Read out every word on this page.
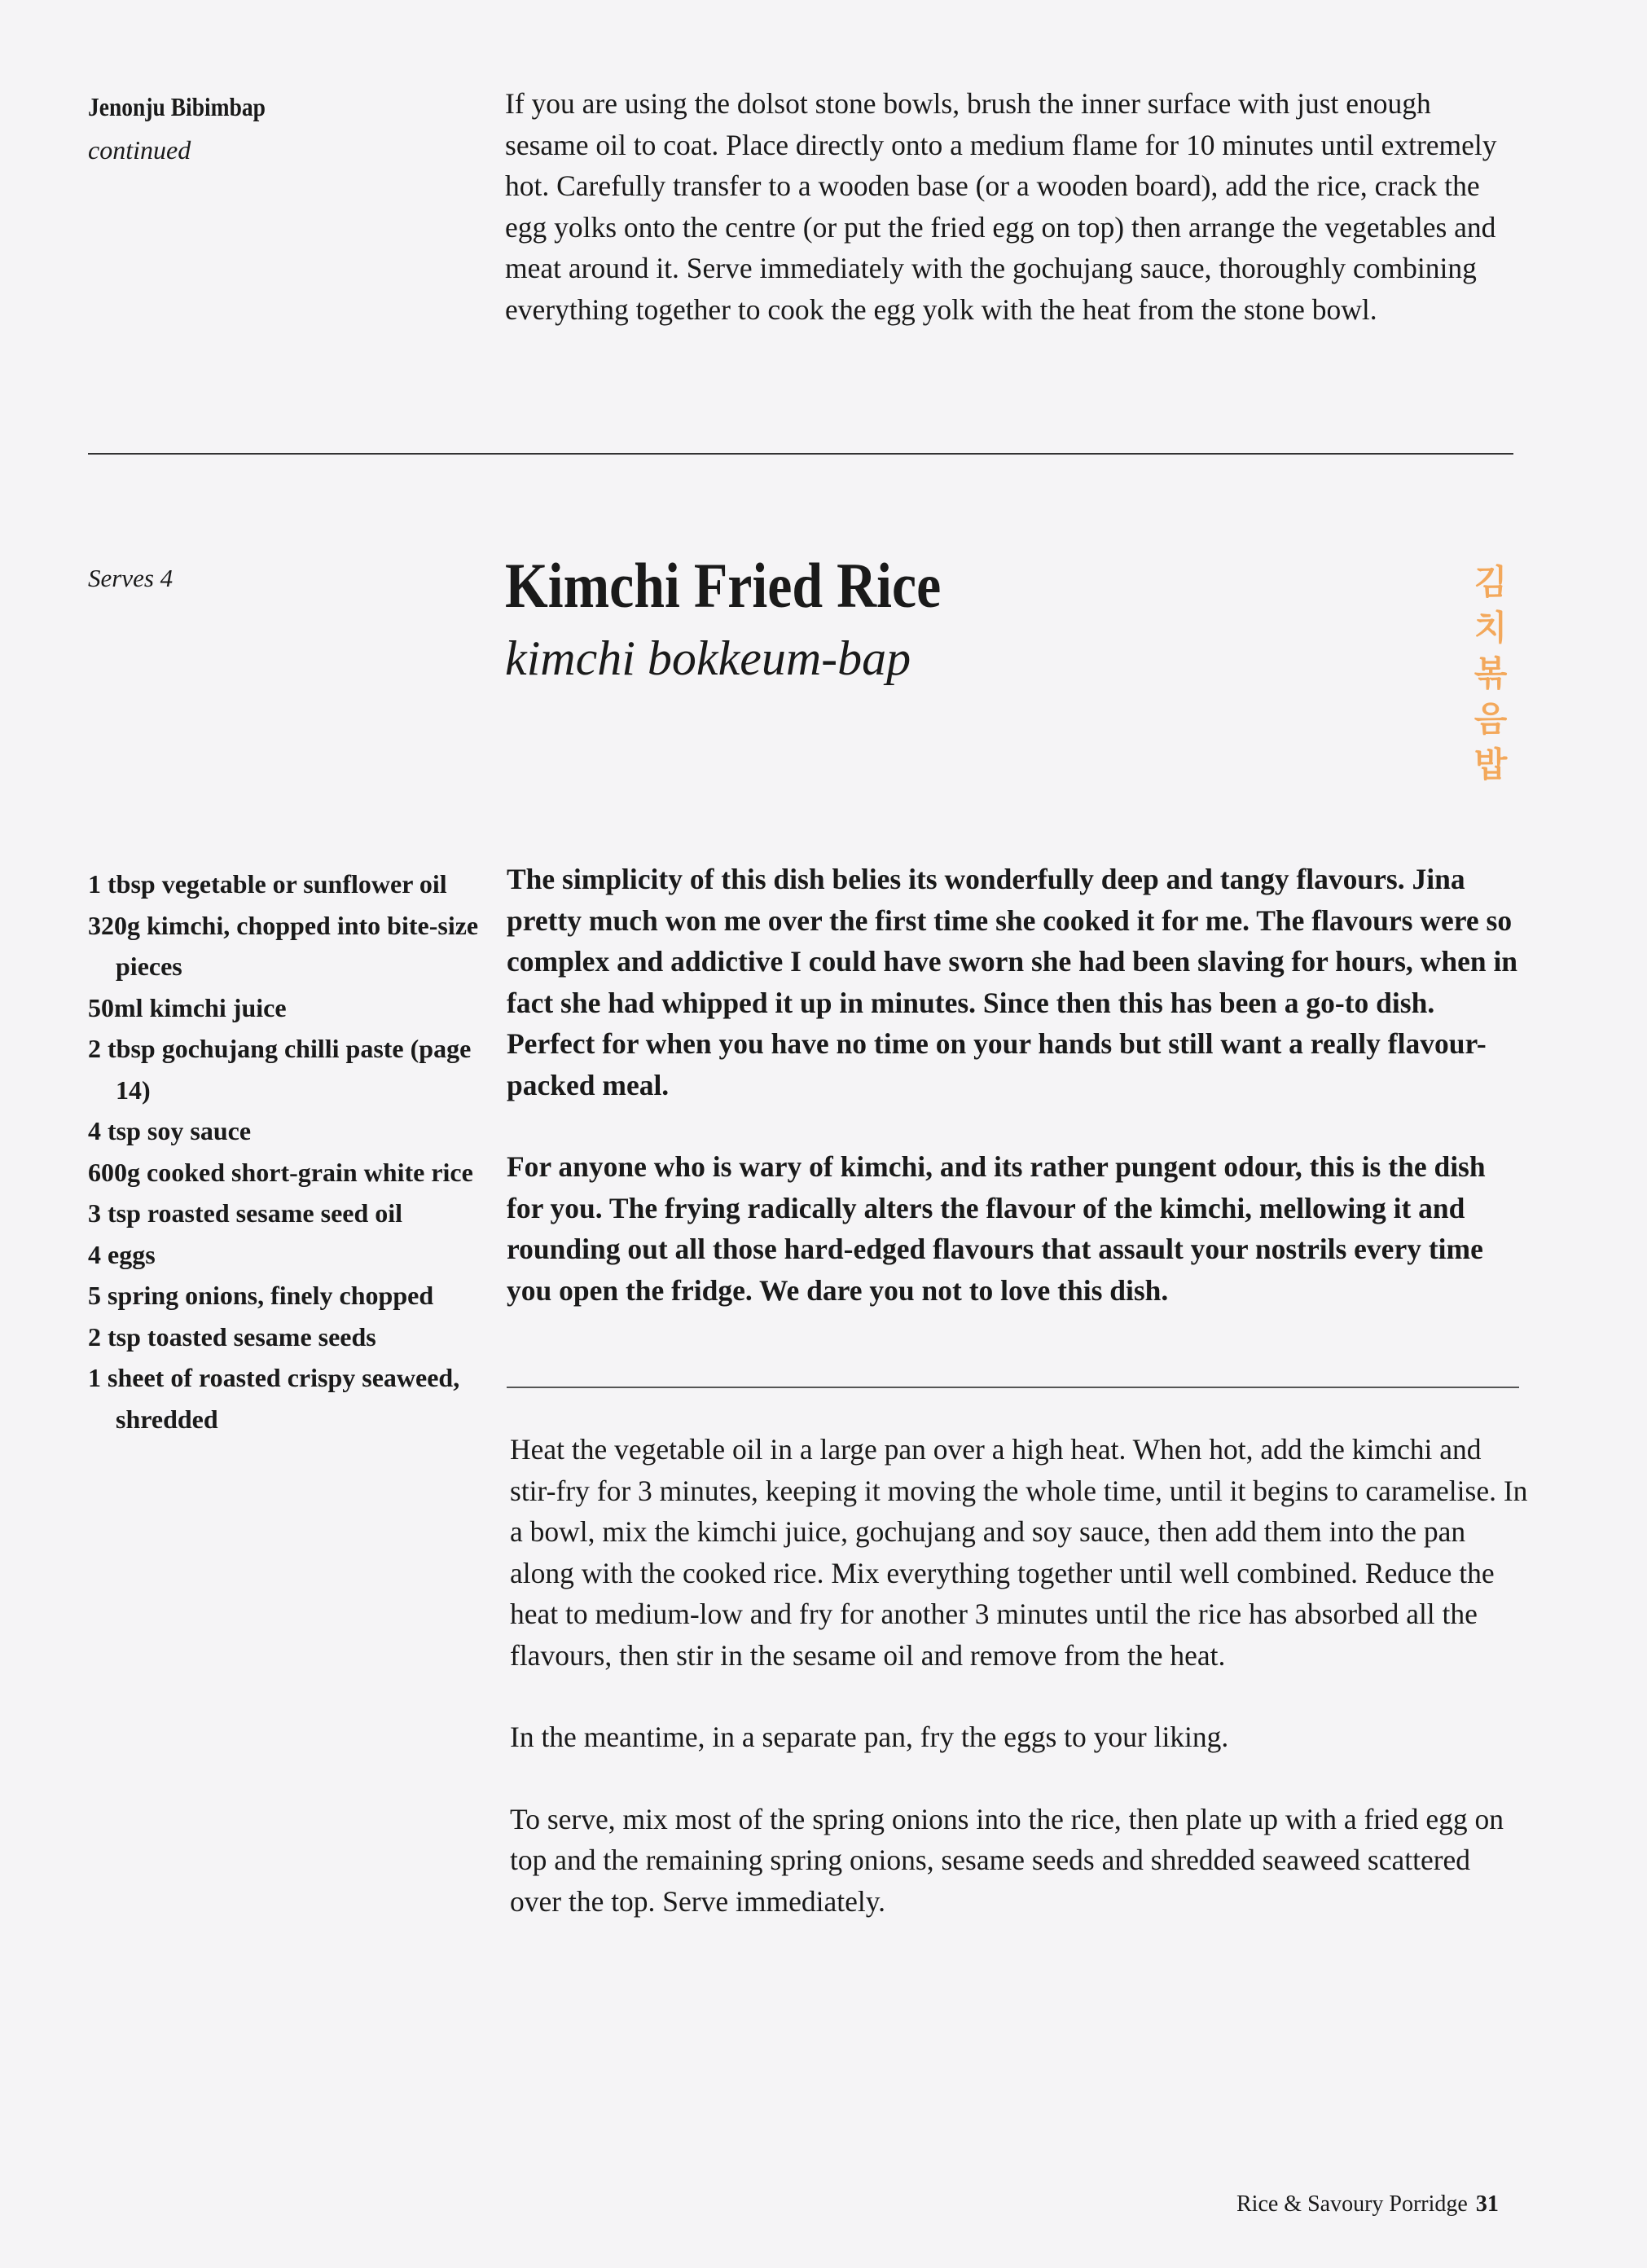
Jenonju Bibimbap
continued

If you are using the dolsot stone bowls, brush the inner surface with just enough sesame oil to coat. Place directly onto a medium flame for 10 minutes until extremely hot. Carefully transfer to a wooden base (or a wooden board), add the rice, crack the egg yolks onto the centre (or put the fried egg on top) then arrange the vegetables and meat around it. Serve immediately with the gochujang sauce, thoroughly combining everything together to cook the egg yolk with the heat from the stone bowl.

Serves 4	Kimchi Fried Rice
kimchi bokkeum-bap
김
치
볶
음
밥
1 tbsp vegetable or sunflower oil
320g kimchi, chopped into bite-size pieces
50ml kimchi juice
2 tbsp gochujang chilli paste (page 14)
4 tsp soy sauce
600g cooked short-grain white rice
3 tsp roasted sesame seed oil
4 eggs
5 spring onions, finely chopped
2 tsp toasted sesame seeds
1 sheet of roasted crispy seaweed, shredded

The simplicity of this dish belies its wonderfully deep and tangy flavours. Jina pretty much won me over the first time she cooked it for me. The flavours were so complex and addictive I could have sworn she had been slaving for hours, when in fact she had whipped it up in minutes. Since then this has been a go-to dish. Perfect for when you have no time on your hands but still want a really flavour-packed meal.

For anyone who is wary of kimchi, and its rather pungent odour, this is the dish for you. The frying radically alters the flavour of the kimchi, mellowing it and rounding out all those hard-edged flavours that assault your nostrils every time you open the fridge. We dare you not to love this dish.

Heat the vegetable oil in a large pan over a high heat. When hot, add the kimchi and stir-fry for 3 minutes, keeping it moving the whole time, until it begins to caramelise. In a bowl, mix the kimchi juice, gochujang and soy sauce, then add them into the pan along with the cooked rice. Mix everything together until well combined. Reduce the heat to medium-low and fry for another 3 minutes until the rice has absorbed all the flavours, then stir in the sesame oil and remove from the heat.

In the meantime, in a separate pan, fry the eggs to your liking.

To serve, mix most of the spring onions into the rice, then plate up with a fried egg on top and the remaining spring onions, sesame seeds and shredded seaweed scattered over the top. Serve immediately.

Rice & Savoury Porridge 31
